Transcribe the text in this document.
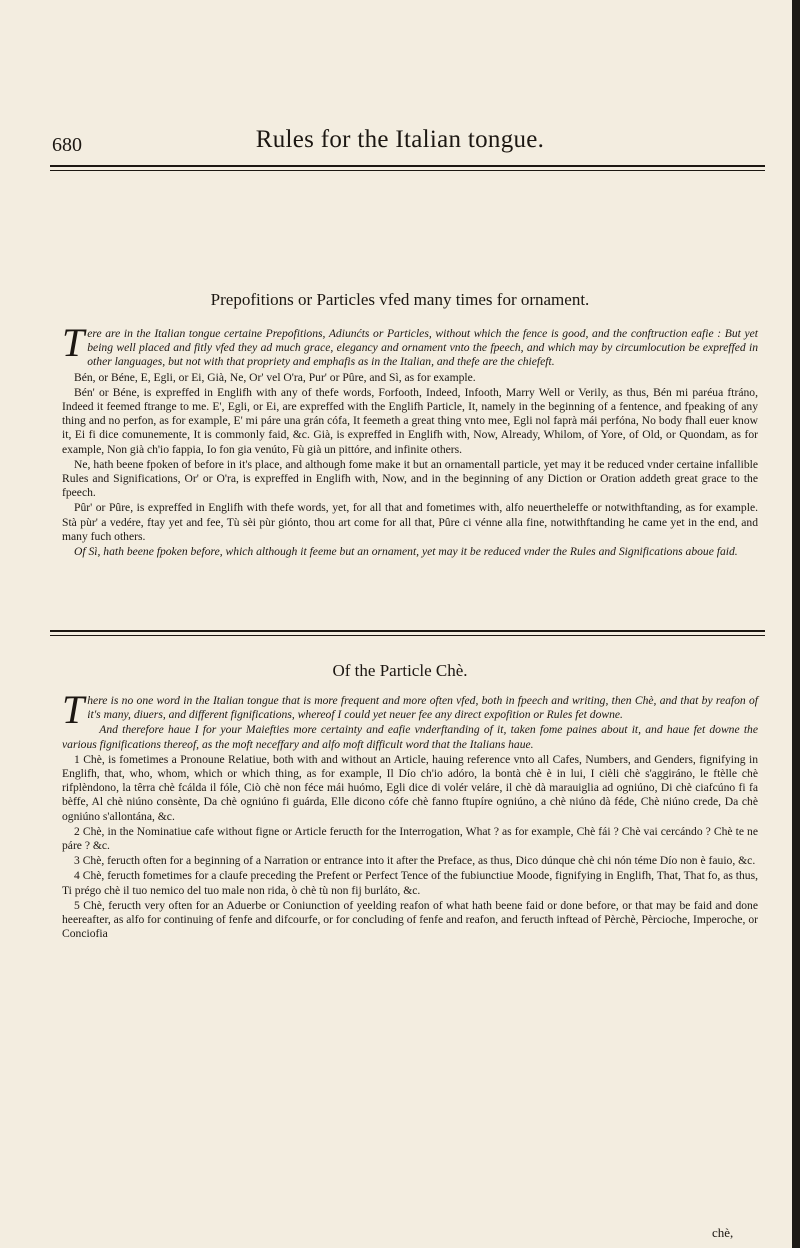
680	Rules for the Italian tongue.
Prepofitions or Particles vfed many times for ornament.

Tere are in the Italian tongue certaine Prepofitions, Adiunćts or Particles, without which the fence is good, and the conftruction eafie : But yet being well placed and fitly vfed they ad much grace, elegancy and ornament vnto the fpeech, and which may by circumlocution be expreffed in other languages, but not with that propriety and emphafis as in the Italian, and thefe are the chiefeft.

Bén, or Béne, E, Egli, or Ei, Già, Ne, Or' vel O'ra, Pur' or Pûre, and Sì, as for example.

Bén' or Béne, is expreffed in Englifh with any of thefe words, Forfooth, Indeed, Infooth, Marry Well or Verily, as thus, Bén mi paréua ftráno, Indeed it feemed ftrange to me. E', Egli, or Ei, are expreffed with the Englifh Particle, It, namely in the beginning of a fentence, and fpeaking of any thing and no perfon, as for example, E' mi páre una grán cófa, It feemeth a great thing vnto mee, Egli nol faprà mái perfóna, No body fhall euer know it, Ei fi dice comunemente, It is commonly faid, &c. Già, is expreffed in Englifh with, Now, Already, Whilom, of Yore, of Old, or Quondam, as for example, Non già ch'io fappia, Io fon gia venúto, Fù già un pittóre, and infinite others.

Ne, hath beene fpoken of before in it's place, and although fome make it but an ornamentall particle, yet may it be reduced vnder certaine infallible Rules and Significations, Or' or O'ra, is expreffed in Englifh with, Now, and in the beginning of any Diction or Oration addeth great grace to the fpeech.

Pûr' or Pûre, is expreffed in Englifh with thefe words, yet, for all that and fometimes with, alfo neuertheleffe or notwithftanding, as for example. Stà pùr' a vedére, ftay yet and fee, Tù sèi pùr giónto, thou art come for all that, Pûre ci vénne alla fine, notwithftanding he came yet in the end, and many fuch others.

Of Sì, hath beene fpoken before, which although it feeme but an ornament, yet may it be reduced vnder the Rules and Significations aboue faid.

Of the Particle Chè.

There is no one word in the Italian tongue that is more frequent and more often vfed, both in fpeech and writing, then Chè, and that by reafon of it's many, diuers, and different fignifications, whereof I could yet neuer fee any direct expofition or Rules fet downe.

And therefore haue I for your Maiefties more certainty and eafie vnderftanding of it, taken fome paines about it, and haue fet downe the various fignifications thereof, as the moft neceffary and alfo moft difficult word that the Italians haue.

1 Chè, is fometimes a Pronoune Relatiue, both with and without an Article, hauing reference vnto all Cafes, Numbers, and Genders, fignifying in Englifh, that, who, whom, which or which thing, as for example, Il Dío ch'io adóro, la bontà chè è in lui, I cièli chè s'aggiráno, le ftèlle chè rifplèndono, la têrra chè fcálda il fóle, Ciò chè non féce mái huómo, Egli dice di volér veláre, il chè dà marauiglia ad ogniúno, Di chè ciafcúno fi fa bèffe, Al chè niúno consènte, Da chè ogniúno fi guárda, Elle dicono cófe chè fanno ftupíre ogniúno, a chè niúno dà féde, Chè niúno crede, Da chè ogniúno s'allontána, &c.

2 Chè, in the Nominatiue cafe without figne or Article feructh for the Interrogation, What ? as for example, Chè fái ? Chè vai cercándo ? Chè te ne páre ? &c.

3 Chè, feructh often for a beginning of a Narration or entrance into it after the Preface, as thus, Dico dúnque chè chi nón téme Dío non è fauio, &c.

4 Chè, feructh fometimes for a claufe preceding the Prefent or Perfect Tence of the fubiunctiue Moode, fignifying in Englifh, That, That fo, as thus, Ti prégo chè il tuo nemico del tuo male non rida, ò chè tù non fij burláto, &c.

5 Chè, feructh very often for an Aduerbe or Coniunction of yeelding reafon of what hath beene faid or done before, or that may be faid and done heereafter, as alfo for continuing of fenfe and difcourfe, or for concluding of fenfe and reafon, and feructh inftead of Pèrchè, Pèrcioche, Imperoche, or Conciofia

chè,
